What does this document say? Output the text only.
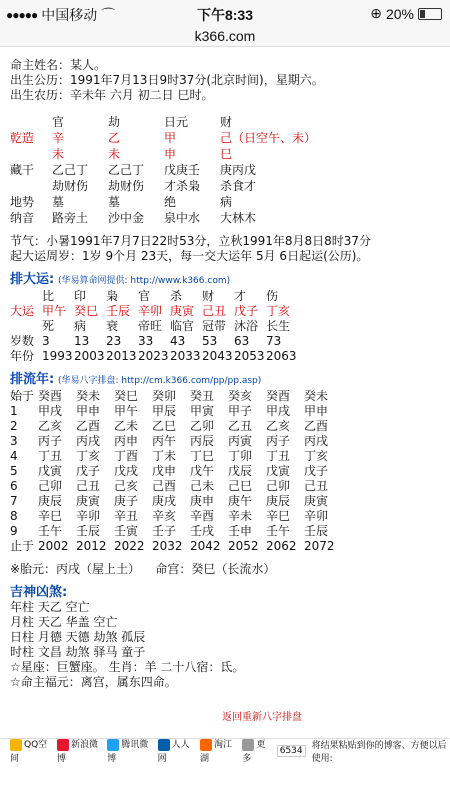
●●●●● 中国移动 ⌒	下午8:33	⊕ 20%
k366.com
命主姓名：某人。
出生公历：1991年7月13日9时37分(北京时间)，星期六。
出生农历：辛未年 六月 初二日 巳时。
官	劫	日元	财
乾造	辛	乙	甲	己（日空午、未）
未	未	申	巳
藏干	乙己丁	乙己丁	戊庚壬	庚丙戊
劫财伤	劫财伤	才杀枭	杀食才
地势	墓	墓	绝	病
纳音	路旁土	沙中金	泉中水	大林木
节气：小暑1991年7月7日22时53分，立秋1991年8月8日8时37分
起大运周岁：1岁 9个月 23天，每一交大运年 5月 6日起运(公历)。
排大运: (华易算命网提供: http://www.k366.com)
比	印	枭	官	杀	财	才	伤
大运 甲午 癸巳 壬辰 辛卯 庚寅 己丑 戊子 丁亥
死	病	衰	帝旺 临官 冠带 沐浴 长生
岁数 3	13	23	33	43	53	63	73
年份 1993 2003 2013 2023 2033 2043 2053 2063
排流年: (华易八字排盘: http://cm.k366.com/pp/pp.asp)
始于 癸酉	癸未	癸巳	癸卯	癸丑	癸亥	癸酉	癸未
1	甲戌	甲申	甲午	甲辰	甲寅	甲子	甲戌	甲申
2	乙亥	乙酉	乙未	乙巳	乙卯	乙丑	乙亥	乙酉
3	丙子	丙戌	丙申	丙午	丙辰	丙寅	丙子	丙戌
4	丁丑	丁亥	丁酉	丁未	丁巳	丁卯	丁丑	丁亥
5	戊寅	戊子	戊戌	戊申	戊午	戊辰	戊寅	戊子
6	己卯	己丑	己亥	己酉	己未	己巳	己卯	己丑
7	庚辰	庚寅	庚子	庚戌	庚申	庚午	庚辰	庚寅
8	辛巳	辛卯	辛丑	辛亥	辛酉	辛未	辛巳	辛卯
9	壬午	壬辰	壬寅	壬子	壬戌	壬申	壬午	壬辰
止于 2002 2012 2022 2032 2042 2052 2062 2072
※胎元：丙戌（屋上土）    命宫：癸巳（长流水）
吉神凶煞:
年柱 天乙 空亡
月柱 天乙 华盖 空亡
日柱 月德 天德 劫煞 孤辰
时柱 文昌 劫煞 驿马 童子
☆星座：巨蟹座。 生肖：羊 二十八宿：氐。
☆命主福元：离宫，属东四命。
返回重新八字排盘
QQ空间
新浪微博
腾讯微博
人人网
淘江湖
更多
6534	将结果粘贴到你的博客、方便以后使用:
